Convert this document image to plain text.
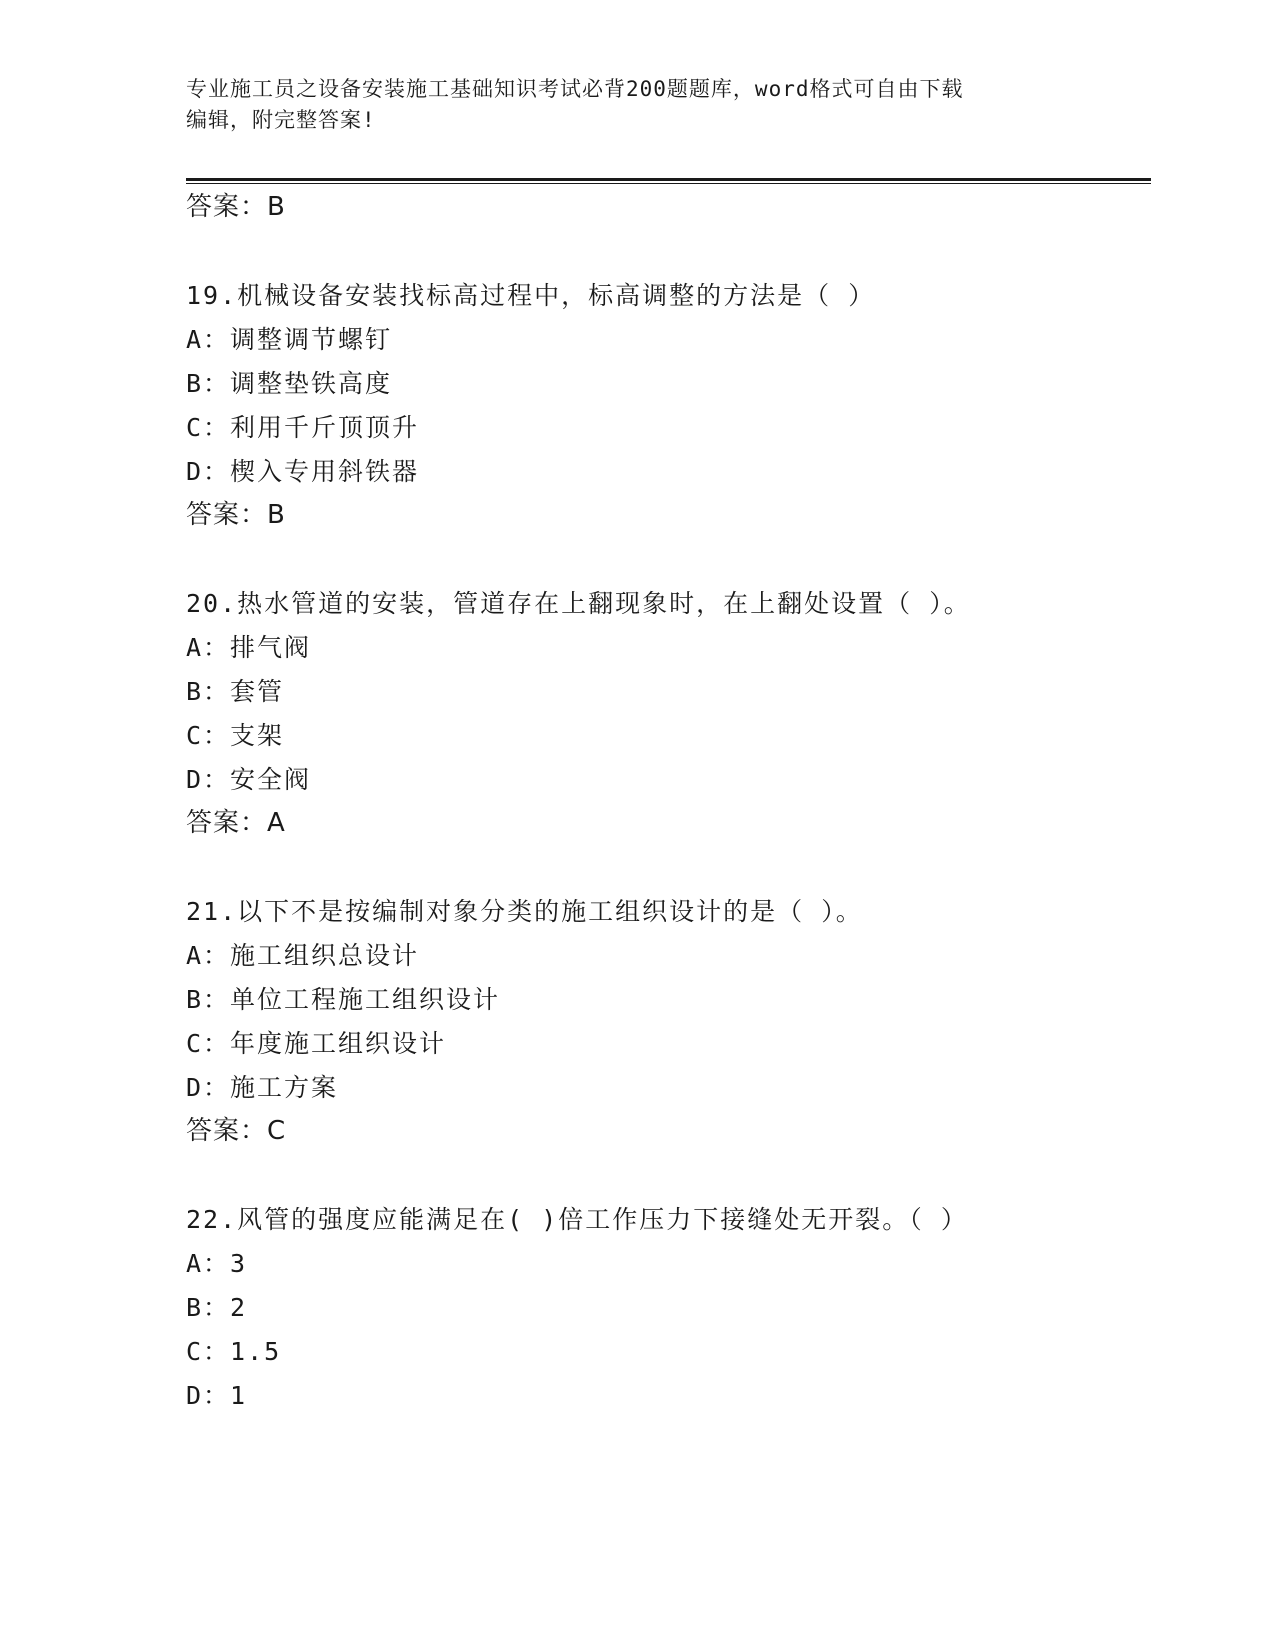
专业施工员之设备安装施工基础知识考试必背200题题库，word格式可自由下载
编辑，附完整答案!
答案：B
19.机械设备安装找标高过程中，标高调整的方法是（ ）
A：调整调节螺钉
B：调整垫铁高度
C：利用千斤顶顶升
D：楔入专用斜铁器
答案：B
20.热水管道的安装，管道存在上翻现象时，在上翻处设置（ ）。
A：排气阀
B：套管
C：支架
D：安全阀
答案：A
21.以下不是按编制对象分类的施工组织设计的是（ ）。
A：施工组织总设计
B：单位工程施工组织设计
C：年度施工组织设计
D：施工方案
答案：C
22.风管的强度应能满足在( )倍工作压力下接缝处无开裂。（ ）
A：3
B：2
C：1.5
D：1
